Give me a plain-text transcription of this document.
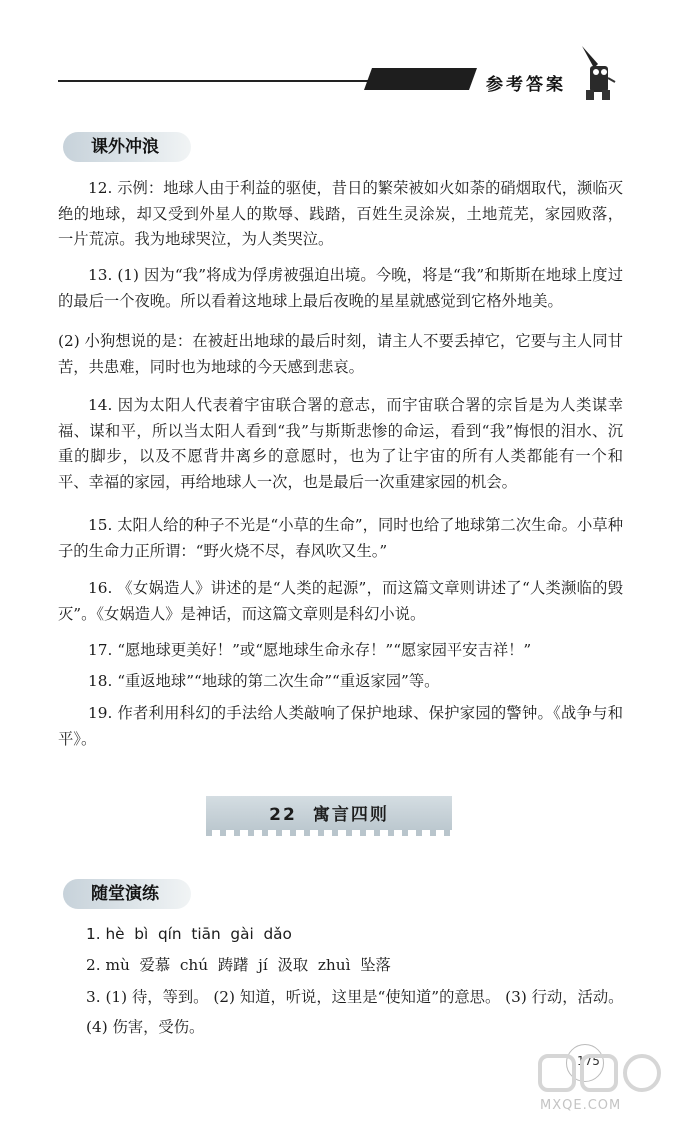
参考答案
课外冲浪
12. 示例：地球人由于利益的驱使，昔日的繁荣被如火如荼的硝烟取代，濒临灭绝的地球，却又受到外星人的欺辱、践踏，百姓生灵涂炭，土地荒芜，家园败落，一片荒凉。我为地球哭泣，为人类哭泣。
13. (1) 因为“我”将成为俘虏被强迫出境。今晚，将是“我”和斯斯在地球上度过的最后一个夜晚。所以看着这地球上最后夜晚的星星就感觉到它格外地美。
(2) 小狗想说的是：在被赶出地球的最后时刻，请主人不要丢掉它，它要与主人同甘苦，共患难，同时也为地球的今天感到悲哀。
14. 因为太阳人代表着宇宙联合署的意志，而宇宙联合署的宗旨是为人类谋幸福、谋和平，所以当太阳人看到“我”与斯斯悲惨的命运，看到“我”悔恨的泪水、沉重的脚步，以及不愿背井离乡的意愿时，也为了让宇宙的所有人类都能有一个和平、幸福的家园，再给地球人一次，也是最后一次重建家园的机会。
15. 太阳人给的种子不光是“小草的生命”，同时也给了地球第二次生命。小草种子的生命力正所谓：“野火烧不尽，春风吹又生。”
16. 《女娲造人》讲述的是“人类的起源”，而这篇文章则讲述了“人类濒临的毁灭”。《女娲造人》是神话，而这篇文章则是科幻小说。
17. “愿地球更美好！”或“愿地球生命永存！”“愿家园平安吉祥！”
18. “重返地球”“地球的第二次生命”“重返家园”等。
19. 作者利用科幻的手法给人类敲响了保护地球、保护家园的警钟。《战争与和平》。
22 寓言四则
随堂演练
1. hè  bì  qín  tiān  gài  dǎo
2. mù  爱慕  chú  踌躇  jí  汲取  zhuì  坠落
3. (1) 待，等到。 (2) 知道，听说，这里是“使知道”的意思。 (3) 行动，活动。
(4) 伤害，受伤。
175
MXQE.COM
